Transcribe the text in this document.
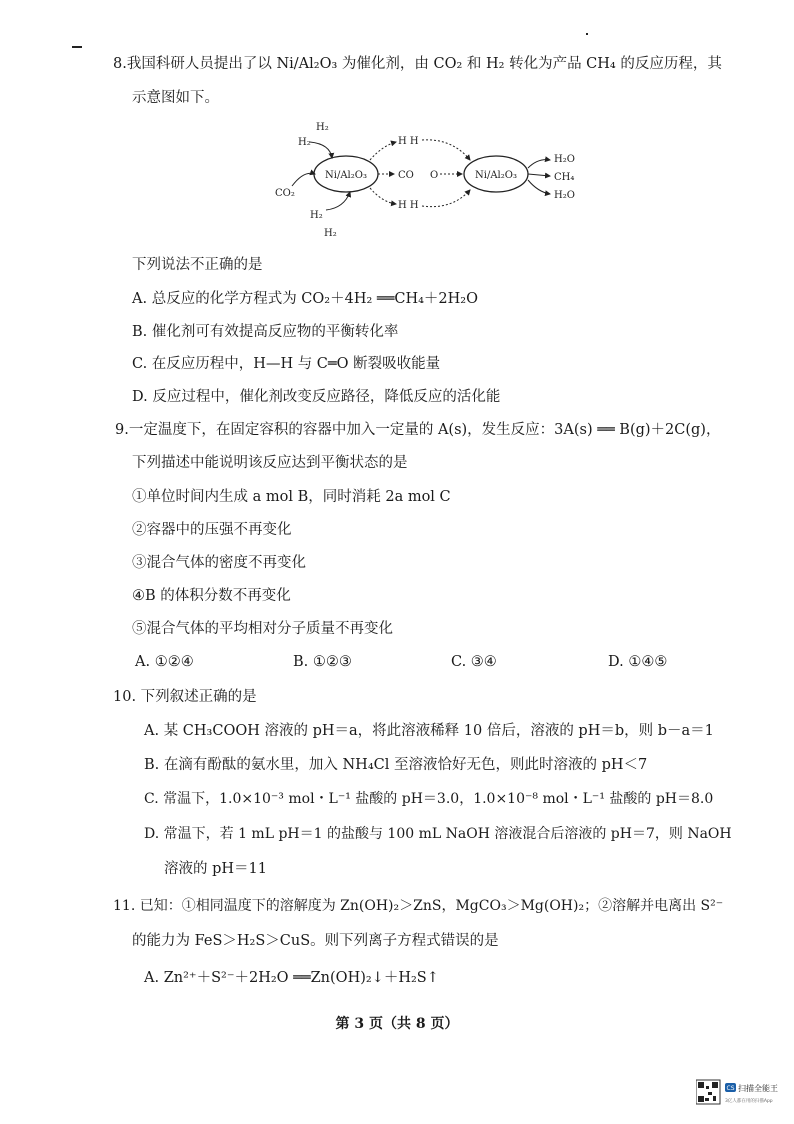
8.我国科研人员提出了以 Ni/Al₂O₃ 为催化剂，由 CO₂ 和 H₂ 转化为产品 CH₄ 的反应历程，其
示意图如下。
Ni/Al₂O₃	Ni/Al₂O₃
H₂
H₂
CO₂
H₂
H₂
H H
CO
H H
O
H₂O
CH₄
H₂O
下列说法不正确的是
A. 总反应的化学方程式为 CO₂＋4H₂ ══CH₄＋2H₂O
B. 催化剂可有效提高反应物的平衡转化率
C. 在反应历程中，H—H 与 C═O 断裂吸收能量
D. 反应过程中，催化剂改变反应路径，降低反应的活化能
9.一定温度下，在固定容积的容器中加入一定量的 A(s)，发生反应：3A(s) ══ B(g)＋2C(g)，
下列描述中能说明该反应达到平衡状态的是
①单位时间内生成 a mol B，同时消耗 2a mol C
②容器中的压强不再变化
③混合气体的密度不再变化
④B 的体积分数不再变化
⑤混合气体的平均相对分子质量不再变化
A. ①②④	B. ①②③	C. ③④	D. ①④⑤
10. 下列叙述正确的是
A. 某 CH₃COOH 溶液的 pH＝a，将此溶液稀释 10 倍后，溶液的 pH＝b，则 b－a＝1
B. 在滴有酚酞的氨水里，加入 NH₄Cl 至溶液恰好无色，则此时溶液的 pH＜7
C. 常温下，1.0×10⁻³ mol・L⁻¹ 盐酸的 pH＝3.0，1.0×10⁻⁸ mol・L⁻¹ 盐酸的 pH＝8.0
D. 常温下，若 1 mL pH＝1 的盐酸与 100 mL NaOH 溶液混合后溶液的 pH＝7，则 NaOH
溶液的 pH＝11
11. 已知：①相同温度下的溶解度为 Zn(OH)₂＞ZnS，MgCO₃＞Mg(OH)₂；②溶解并电离出 S²⁻
的能力为 FeS＞H₂S＞CuS。则下列离子方程式错误的是
A. Zn²⁺＋S²⁻＋2H₂O ══Zn(OH)₂↓＋H₂S↑
第 3 页（共 8 页）
CS 扫描全能王
3亿人都在用的扫描App
